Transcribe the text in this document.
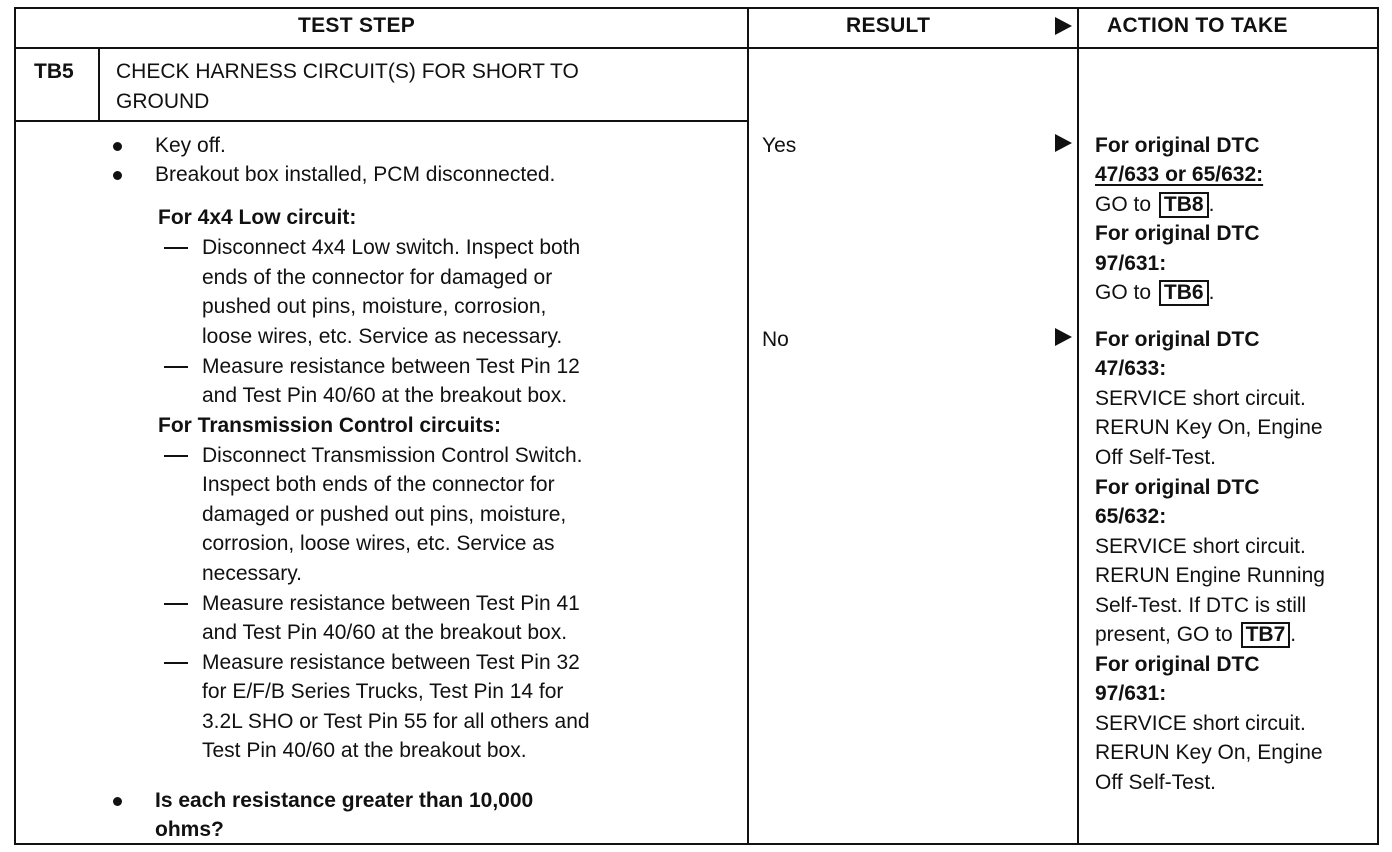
TEST STEP	RESULT	ACTION TO TAKE
TB5 CHECK HARNESS CIRCUIT(S) FOR SHORT TO
GROUND
Key off.
Breakout box installed, PCM disconnected.
For 4x4 Low circuit:
Disconnect 4x4 Low switch. Inspect both
ends of the connector for damaged or
pushed out pins, moisture, corrosion,
loose wires, etc. Service as necessary.
Measure resistance between Test Pin 12
and Test Pin 40/60 at the breakout box.
For Transmission Control circuits:
Disconnect Transmission Control Switch.
Inspect both ends of the connector for
damaged or pushed out pins, moisture,
corrosion, loose wires, etc. Service as
necessary.
Measure resistance between Test Pin 41
and Test Pin 40/60 at the breakout box.
Measure resistance between Test Pin 32
for E/F/B Series Trucks, Test Pin 14 for
3.2L SHO or Test Pin 55 for all others and
Test Pin 40/60 at the breakout box.
Is each resistance greater than 10,000
ohms?
Yes
No
For original DTC
47/633 or 65/632:
GO to TB8 .
For original DTC
97/631:
GO to TB6 .
For original DTC
47/633:
SERVICE short circuit.
RERUN Key On, Engine
Off Self-Test.
For original DTC
65/632:
SERVICE short circuit.
RERUN Engine Running
Self-Test. If DTC is still
present, GO to TB7 .
For original DTC
97/631:
SERVICE short circuit.
RERUN Key On, Engine
Off Self-Test.
